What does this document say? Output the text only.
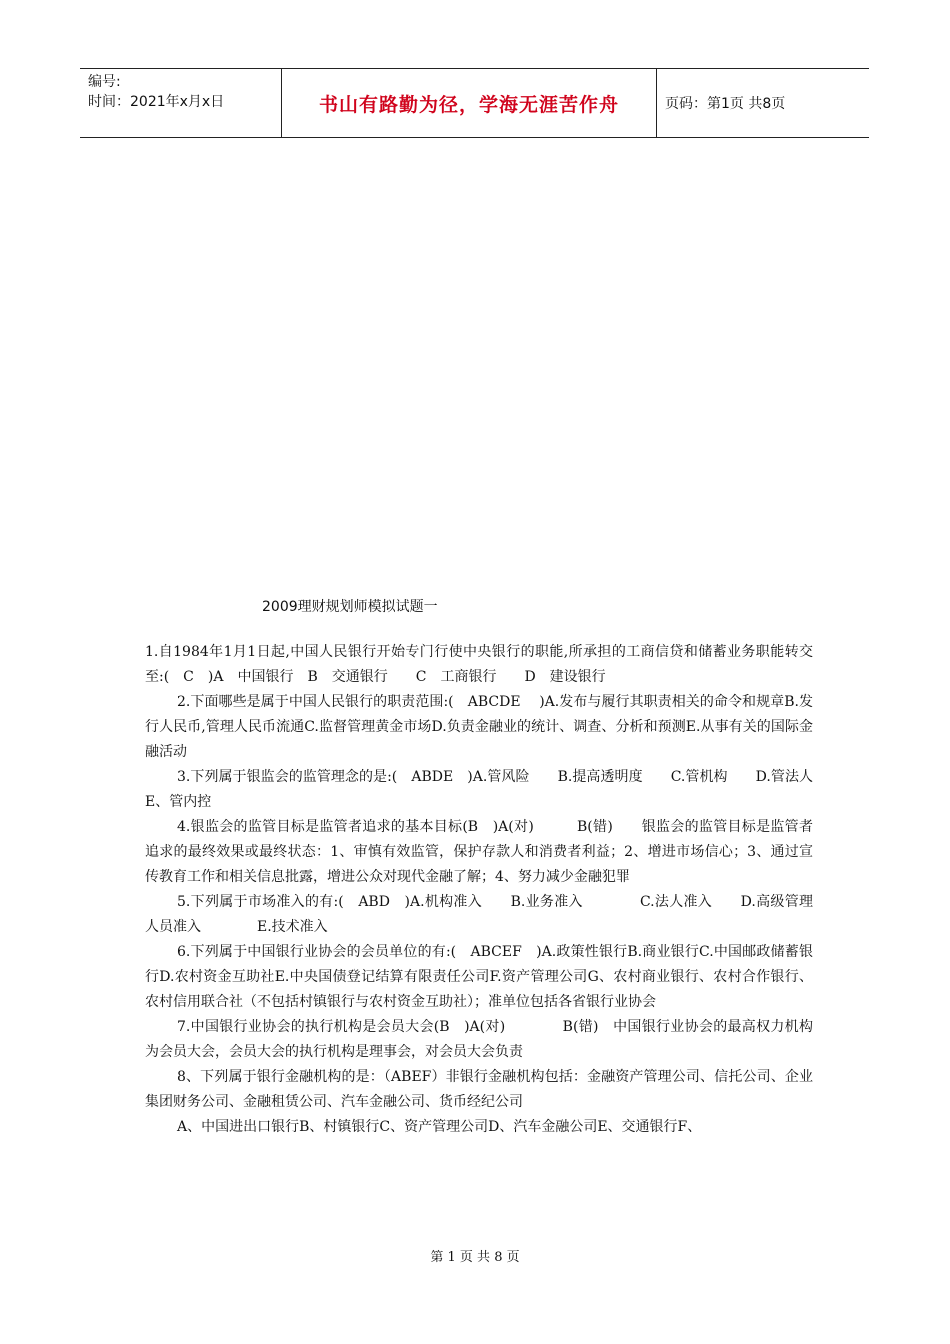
编号:
时间：2021年x月x日	书山有路勤为径，学海无涯苦作舟	页码：第1页 共8页
2009理财规划师模拟试题一

1.自1984年1月1日起,中国人民银行开始专门行使中央银行的职能,所承担的工商信贷和储蓄业务职能转交至:(　C　)A　中国银行　B　交通银行　　C　工商银行　　D　建设银行

2.下面哪些是属于中国人民银行的职责范围:(　ABCDE　 )A.发布与履行其职责相关的命令和规章B.发行人民币,管理人民币流通C.监督管理黄金市场D.负责金融业的统计、调查、分析和预测E.从事有关的国际金融活动

3.下列属于银监会的监管理念的是:(　ABDE　)A.管风险　　B.提高透明度　　C.管机构　　D.管法人E、管内控

4.银监会的监管目标是监管者追求的基本目标(B　)A(对)　　　B(错)　　银监会的监管目标是监管者追求的最终效果或最终状态：1、审慎有效监管，保护存款人和消费者利益；2、增进市场信心；3、通过宣传教育工作和相关信息批露，增进公众对现代金融了解；4、努力减少金融犯罪

5.下列属于市场准入的有:(　ABD　)A.机构准入　　B.业务准入　　　　C.法人准入　　D.高级管理人员准入　　　　E.技术准入

6.下列属于中国银行业协会的会员单位的有:(　ABCEF　)A.政策性银行B.商业银行C.中国邮政储蓄银行D.农村资金互助社E.中央国债登记结算有限责任公司F.资产管理公司G、农村商业银行、农村合作银行、农村信用联合社（不包括村镇银行与农村资金互助社）；准单位包括各省银行业协会

7.中国银行业协会的执行机构是会员大会(B　)A(对)　　　　B(错)　中国银行业协会的最高权力机构为会员大会，会员大会的执行机构是理事会，对会员大会负责

8、下列属于银行金融机构的是：（ABEF）非银行金融机构包括：金融资产管理公司、信托公司、企业集团财务公司、金融租赁公司、汽车金融公司、货币经纪公司

A、中国进出口银行B、村镇银行C、资产管理公司D、汽车金融公司E、交通银行F、

第 1 页 共 8 页
